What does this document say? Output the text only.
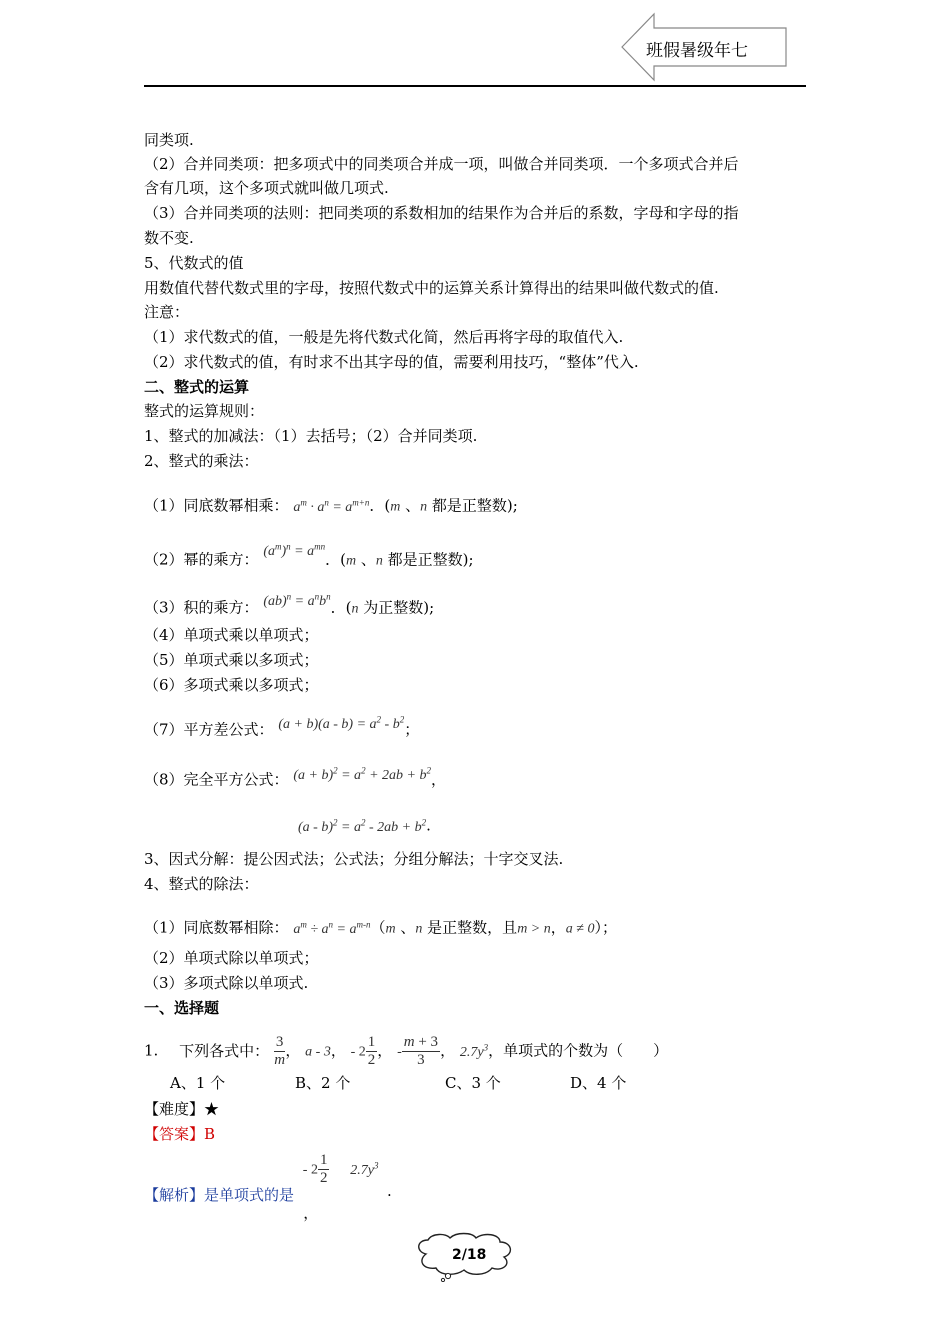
班假暑级年七
同类项.
（2）合并同类项：把多项式中的同类项合并成一项，叫做合并同类项．一个多项式合并后
含有几项，这个多项式就叫做几项式.
（3）合并同类项的法则：把同类项的系数相加的结果作为合并后的系数，字母和字母的指
数不变.
5、代数式的值
用数值代替代数式里的字母，按照代数式中的运算关系计算得出的结果叫做代数式的值.
注意：
（1）求代数式的值，一般是先将代数式化简，然后再将字母的取值代入.
（2）求代数式的值，有时求不出其字母的值，需要利用技巧，“整体”代入.
二、整式的运算
整式的运算规则：
1、整式的加减法：（1）去括号；（2）合并同类项.
2、整式的乘法：
（1）同底数幂相乘： $a^m \cdot a^n = a^{m+n}$．(m 、n 都是正整数);
（2）幂的乘方： $(a^m)^n = a^{mn}$．(m 、n 都是正整数);
（3）积的乘方： $(ab)^n = a^nb^n$．(n 为正整数);
（4）单项式乘以单项式；
（5）单项式乘以多项式；
（6）多项式乘以多项式；
（7）平方差公式： $(a + b)(a - b) = a^2 - b^2$；
（8）完全平方公式： $(a + b)^2 = a^2 + 2ab + b^2$，
$(a - b)^2 = a^2 - 2ab + b^2$.
3、因式分解：提公因式法；公式法；分组分解法；十字交叉法.
4、整式的除法：
（1）同底数幂相除： $a^m \div a^n = a^{m-n}(m$ 、n 是正整数，且m > n，a ≠ 0）；
（2）单项式除以单项式；
（3）多项式除以单项式.
一、选择题
1. 下列各式中： $\frac{3}{m}$ ， a - 3， - $2 \frac{1}{2}$ ， - $\frac{m + 3}{3}$ ， $2.7y^3$，单项式的个数为（　　）
A、1 个	B、2 个	C、3 个	D、4 个
【难度】★
【答案】B
【解析】是单项式的是 - $2 \frac{1}{2} 2.7y^3$ ， .
2/18
